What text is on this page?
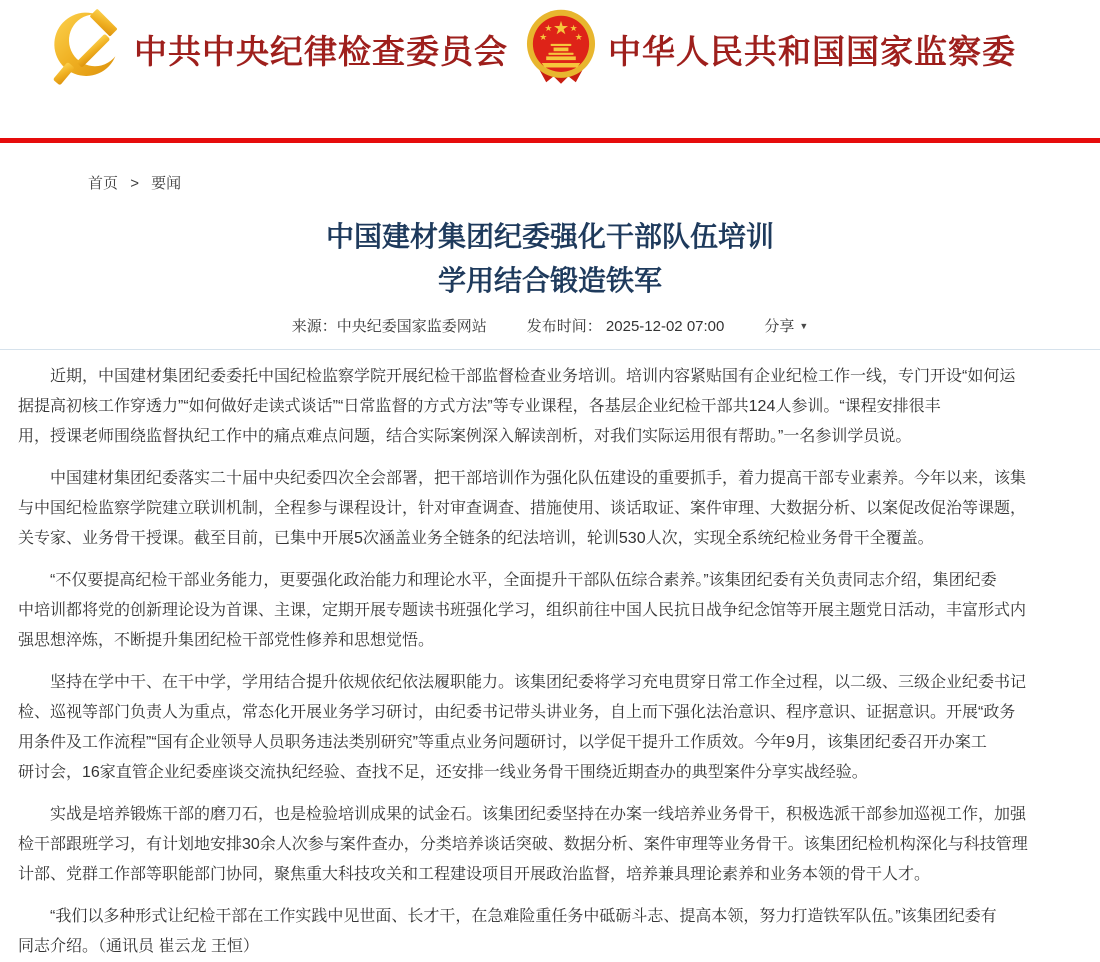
中共中央纪律检查委员会	中华人民共和国国家监察委
首页 > 要闻
中国建材集团纪委强化干部队伍培训
学用结合锻造铁军
来源：中央纪委国家监委网站	发布时间： 2025-12-02 07:00	分享 ▼

近期，中国建材集团纪委委托中国纪检监察学院开展纪检干部监督检查业务培训。培训内容紧贴国有企业纪检工作一线，专门开设“如何运
据提高初核工作穿透力”“如何做好走读式谈话”“日常监督的方式方法”等专业课程，各基层企业纪检干部共124人参训。“课程安排很丰
用，授课老师围绕监督执纪工作中的痛点难点问题，结合实际案例深入解读剖析，对我们实际运用很有帮助。”一名参训学员说。

中国建材集团纪委落实二十届中央纪委四次全会部署，把干部培训作为强化队伍建设的重要抓手，着力提高干部专业素养。今年以来，该集
与中国纪检监察学院建立联训机制，全程参与课程设计，针对审查调查、措施使用、谈话取证、案件审理、大数据分析、以案促改促治等课题，
关专家、业务骨干授课。截至目前，已集中开展5次涵盖业务全链条的纪法培训，轮训530人次，实现全系统纪检业务骨干全覆盖。

“不仅要提高纪检干部业务能力，更要强化政治能力和理论水平，全面提升干部队伍综合素养。”该集团纪委有关负责同志介绍，集团纪委
中培训都将党的创新理论设为首课、主课，定期开展专题读书班强化学习，组织前往中国人民抗日战争纪念馆等开展主题党日活动，丰富形式内
强思想淬炼，不断提升集团纪检干部党性修养和思想觉悟。

坚持在学中干、在干中学，学用结合提升依规依纪依法履职能力。该集团纪委将学习充电贯穿日常工作全过程，以二级、三级企业纪委书记
检、巡视等部门负责人为重点，常态化开展业务学习研讨，由纪委书记带头讲业务，自上而下强化法治意识、程序意识、证据意识。开展“政务
用条件及工作流程”“国有企业领导人员职务违法类别研究”等重点业务问题研讨，以学促干提升工作质效。今年9月，该集团纪委召开办案工
研讨会，16家直管企业纪委座谈交流执纪经验、查找不足，还安排一线业务骨干围绕近期查办的典型案件分享实战经验。

实战是培养锻炼干部的磨刀石，也是检验培训成果的试金石。该集团纪委坚持在办案一线培养业务骨干，积极选派干部参加巡视工作，加强
检干部跟班学习，有计划地安排30余人次参与案件查办，分类培养谈话突破、数据分析、案件审理等业务骨干。该集团纪检机构深化与科技管理
计部、党群工作部等职能部门协同，聚焦重大科技攻关和工程建设项目开展政治监督，培养兼具理论素养和业务本领的骨干人才。

“我们以多种形式让纪检干部在工作实践中见世面、长才干，在急难险重任务中砥砺斗志、提高本领，努力打造铁军队伍。”该集团纪委有
同志介绍。（通讯员 崔云龙 王恒）
